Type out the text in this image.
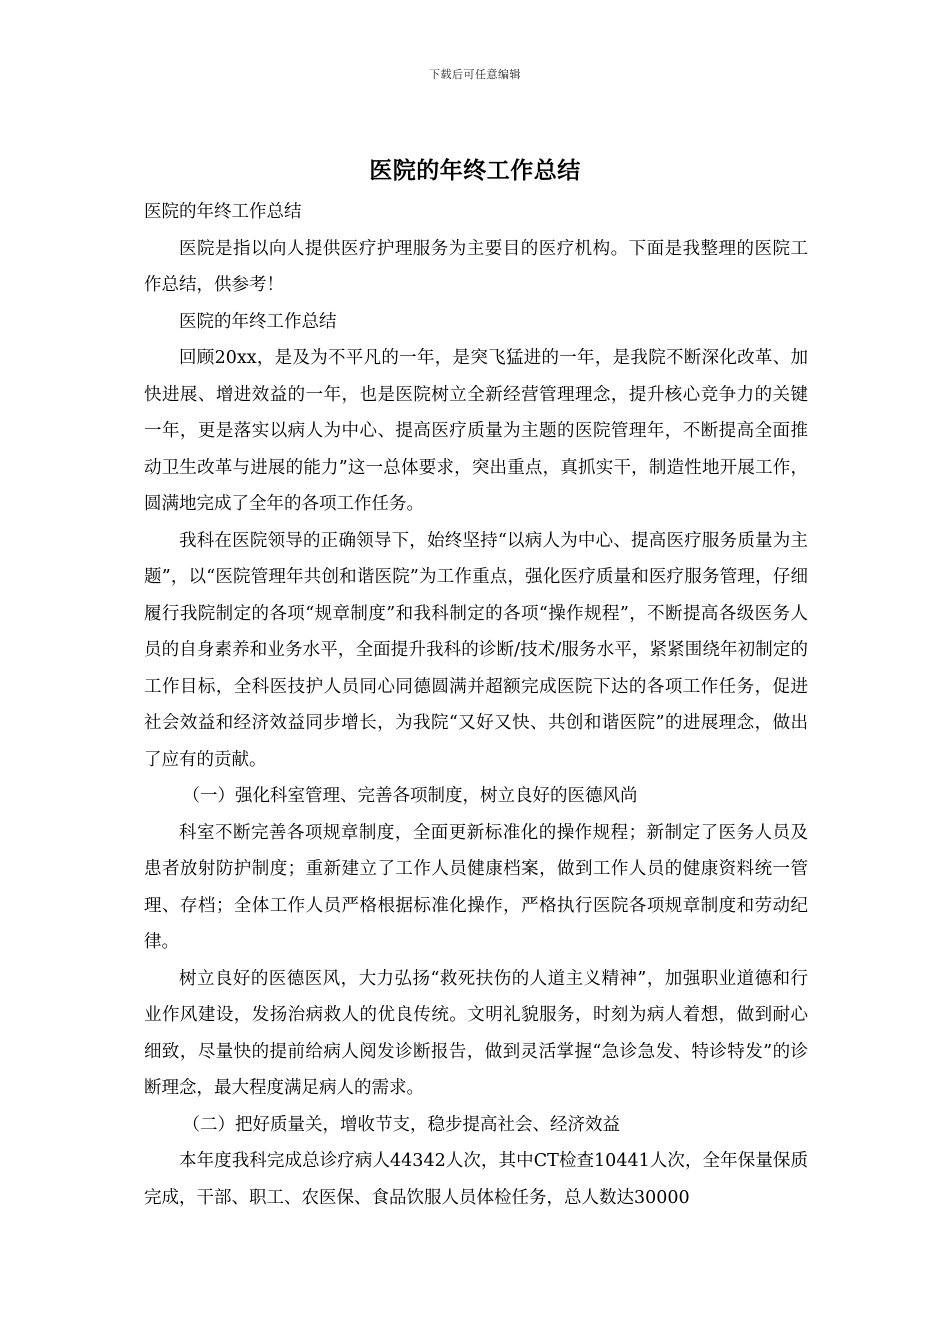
下载后可任意编辑
医院的年终工作总结

医院的年终工作总结

医院是指以向人提供医疗护理服务为主要目的医疗机构。下面是我整理的医院工作总结，供参考！

医院的年终工作总结

回顾20xx，是及为不平凡的一年，是突飞猛进的一年，是我院不断深化改革、加快进展、增进效益的一年，也是医院树立全新经营管理理念，提升核心竞争力的关键一年，更是落实以病人为中心、提高医疗质量为主题的医院管理年，不断提高全面推动卫生改革与进展的能力”这一总体要求，突出重点，真抓实干，制造性地开展工作，圆满地完成了全年的各项工作任务。

我科在医院领导的正确领导下，始终坚持“以病人为中心、提高医疗服务质量为主题”，以“医院管理年共创和谐医院”为工作重点，强化医疗质量和医疗服务管理，仔细履行我院制定的各项“规章制度”和我科制定的各项“操作规程”，不断提高各级医务人员的自身素养和业务水平，全面提升我科的诊断/技术/服务水平，紧紧围绕年初制定的工作目标，全科医技护人员同心同德圆满并超额完成医院下达的各项工作任务，促进社会效益和经济效益同步增长，为我院“又好又快、共创和谐医院”的进展理念，做出了应有的贡献。

（一）强化科室管理、完善各项制度，树立良好的医德风尚

科室不断完善各项规章制度，全面更新标准化的操作规程；新制定了医务人员及患者放射防护制度；重新建立了工作人员健康档案，做到工作人员的健康资料统一管理、存档；全体工作人员严格根据标准化操作，严格执行医院各项规章制度和劳动纪律。

树立良好的医德医风，大力弘扬“救死扶伤的人道主义精神”，加强职业道德和行业作风建设，发扬治病救人的优良传统。文明礼貌服务，时刻为病人着想，做到耐心细致，尽量快的提前给病人阅发诊断报告，做到灵活掌握“急诊急发、特诊特发”的诊断理念，最大程度满足病人的需求。

（二）把好质量关，增收节支，稳步提高社会、经济效益

本年度我科完成总诊疗病人44342人次，其中CT检查10441人次，全年保量保质完成，干部、职工、农医保、食品饮服人员体检任务，总人数达30000
